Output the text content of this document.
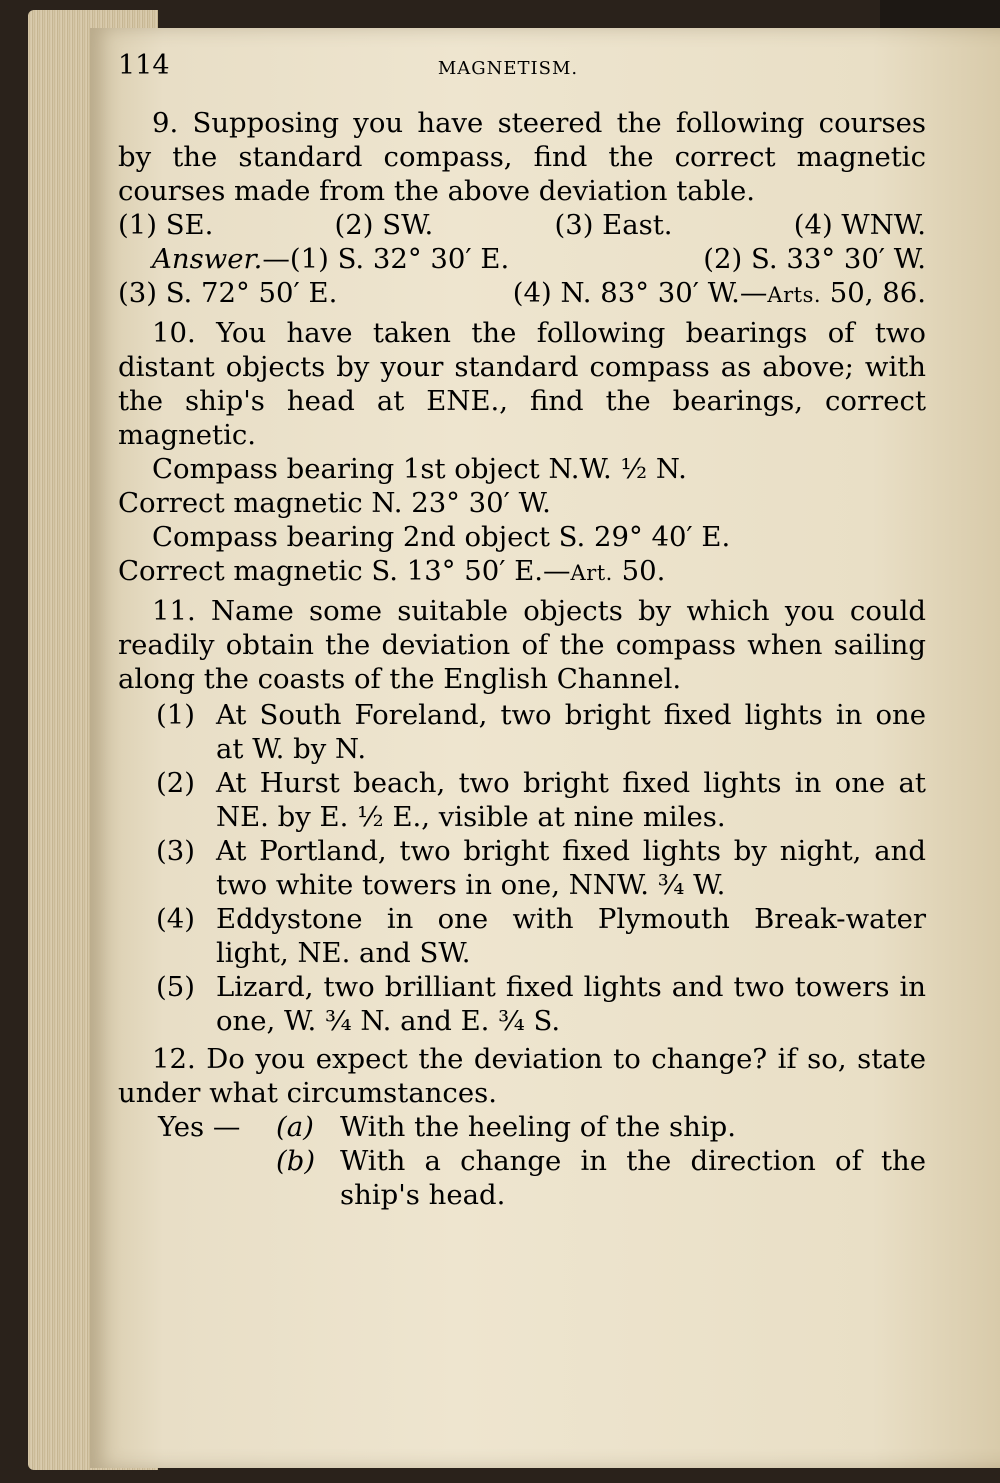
114	MAGNETISM.

9. Supposing you have steered the following courses by the standard compass, find the correct magnetic courses made from the above deviation table.

(1) SE.	(2) SW.	(3) East.	(4) WNW.
Answer.—(1) S. 32° 30′ E.	(2) S. 33° 30′ W.
(3) S. 72° 50′ E.	(4) N. 83° 30′ W.—Arts. 50, 86.

10. You have taken the following bearings of two distant objects by your standard compass as above; with the ship's head at ENE., find the bearings, correct magnetic.

Compass bearing 1st object N.W. ½ N.

Correct magnetic N. 23° 30′ W.

Compass bearing 2nd object S. 29° 40′ E.

Correct magnetic S. 13° 50′ E.—Art. 50.

11. Name some suitable objects by which you could readily obtain the deviation of the compass when sailing along the coasts of the English Channel.

(1) At South Foreland, two bright fixed lights in one at W. by N.
(2) At Hurst beach, two bright fixed lights in one at NE. by E. ½ E., visible at nine miles.
(3) At Portland, two bright fixed lights by night, and two white towers in one, NNW. ¾ W.
(4) Eddystone in one with Plymouth Break-water light, NE. and SW.
(5) Lizard, two brilliant fixed lights and two towers in one, W. ¾ N. and E. ¾ S.

12. Do you expect the deviation to change? if so, state under what circumstances.

Yes —	(a) With the heeling of the ship.
(b) With a change in the direction of the ship's head.
